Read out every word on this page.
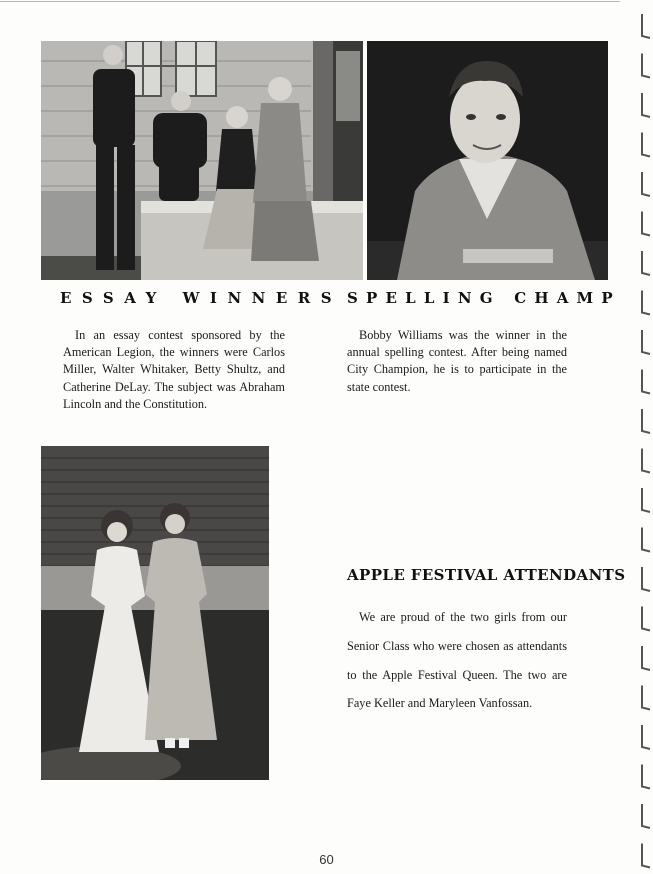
ESSAY WINNERS

In an essay contest sponsored by the American Legion, the winners were Carlos Miller, Walter Whitaker, Betty Shultz, and Catherine DeLay. The subject was Abraham Lincoln and the Constitution.

SPELLING CHAMP

Bobby Williams was the winner in the annual spelling contest. After being named City Champion, he is to participate in the state contest.

APPLE FESTIVAL ATTENDANTS

We are proud of the two girls from our Senior Class who were chosen as attendants to the Apple Festival Queen. The two are Faye Keller and Maryleen Vanfossan.

60
